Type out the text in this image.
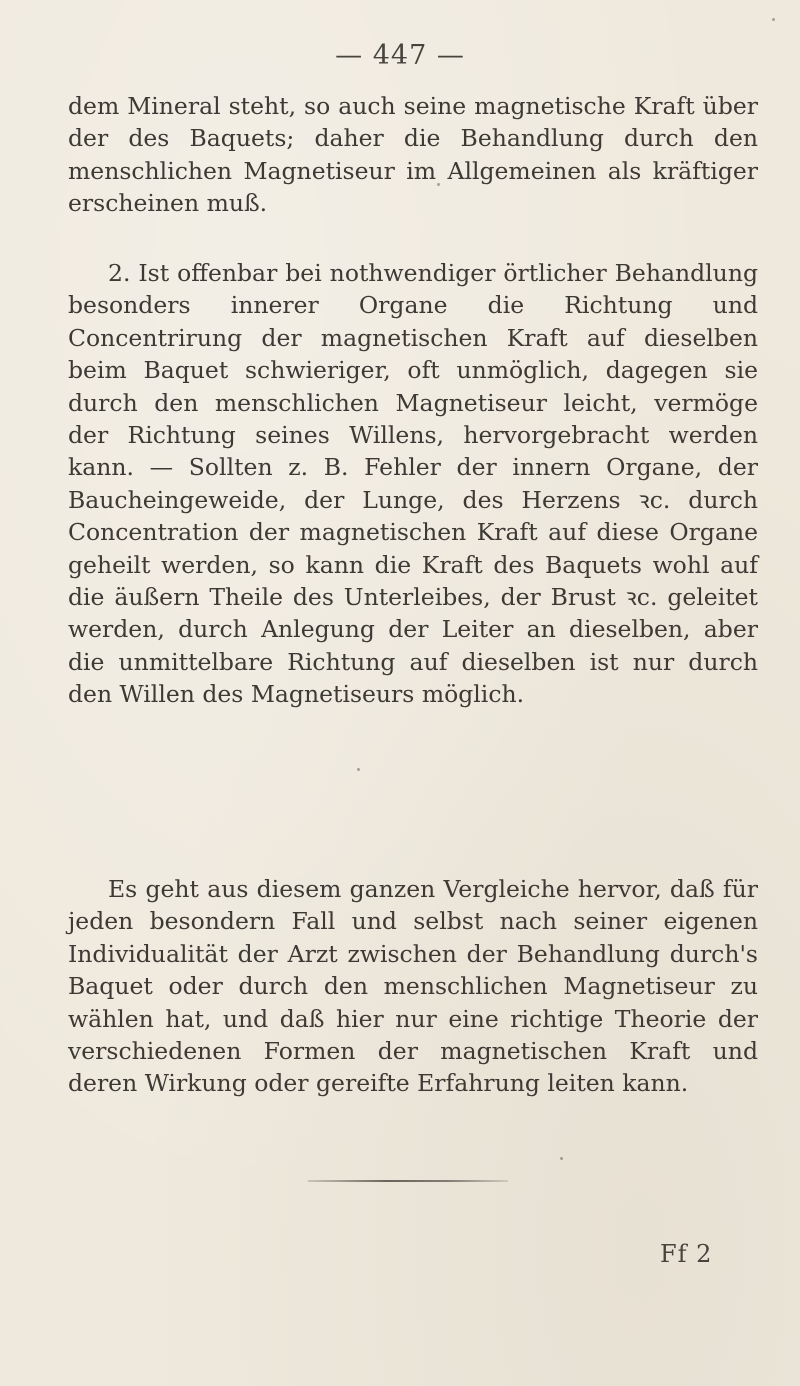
— 447 —

dem Mineral steht, so auch seine magnetische Kraft über der des Baquets; daher die Behandlung durch den menschlichen Magnetiseur im Allgemeinen als kräftiger erscheinen muß.

2. Ist offenbar bei nothwendiger örtlicher Behandlung besonders innerer Organe die Richtung und Concentrirung der magnetischen Kraft auf dieselben beim Baquet schwieriger, oft unmöglich, dagegen sie durch den menschlichen Magnetiseur leicht, vermöge der Richtung seines Willens, hervorgebracht werden kann. — Sollten z. B. Fehler der innern Organe, der Baucheingeweide, der Lunge, des Herzens ꝛc. durch Concentration der magnetischen Kraft auf diese Organe geheilt werden, so kann die Kraft des Baquets wohl auf die äußern Theile des Unterleibes, der Brust ꝛc. geleitet werden, durch Anlegung der Leiter an dieselben, aber die unmittelbare Richtung auf dieselben ist nur durch den Willen des Magnetiseurs möglich.

Es geht aus diesem ganzen Vergleiche hervor, daß für jeden besondern Fall und selbst nach seiner eigenen Individualität der Arzt zwischen der Behandlung durch's Baquet oder durch den menschlichen Magnetiseur zu wählen hat, und daß hier nur eine richtige Theorie der verschiedenen Formen der magnetischen Kraft und deren Wirkung oder gereifte Erfahrung leiten kann.

Ff 2
